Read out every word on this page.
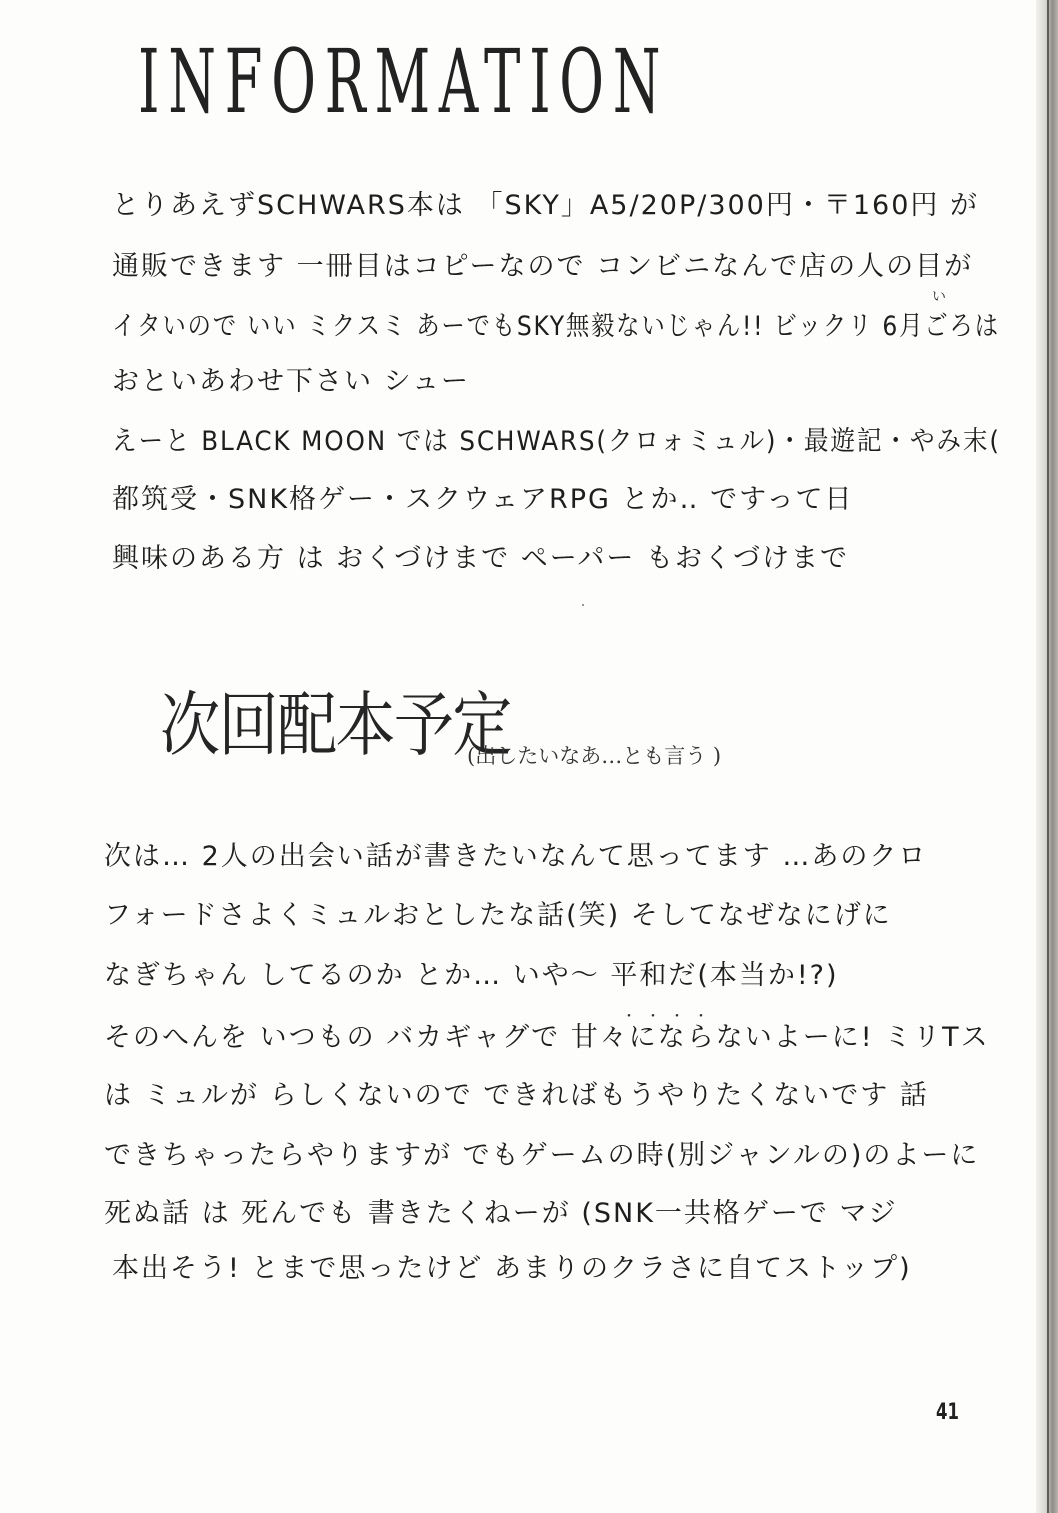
INFORMATION
い
とりあえずSCHWARS本は 「SKY」A5/20P/300円・〒160円 が
通販できます 一冊目はコピーなので コンビニなんで店の人の目が
イタいので いい ミクスミ あーでもSKY無毅ないじゃん!! ビックリ 6月ごろは
おといあわせ下さい シュー
えーと BLACK MOON では SCHWARS(クロォミュル)・最遊記・やみ末(
都筑受・SNK格ゲー・スクウェアRPG とか‥ ですって日
興味のある方 は おくづけまで ペーパー もおくづけまで
次回配本予定
(出したいなあ…とも言う )
次は… 2人の出会い話が書きたいなんて思ってます …あのクロ
フォードさよくミュルおとしたな話(笑) そしてなぜなにげに
なぎちゃん してるのか とか… いや〜 平和だ(本当か!?)
・・・・
そのへんを いつもの バカギャグで 甘々にならないよーに! ミリTス
は ミュルが らしくないので できればもうやりたくないです 話
できちゃったらやりますが でもゲームの時(別ジャンルの)のよーに
死ぬ話 は 死んでも 書きたくねーが (SNK一共格ゲーで マジ
本出そう! とまで思ったけど あまりのクラさに自てストップ)
41
